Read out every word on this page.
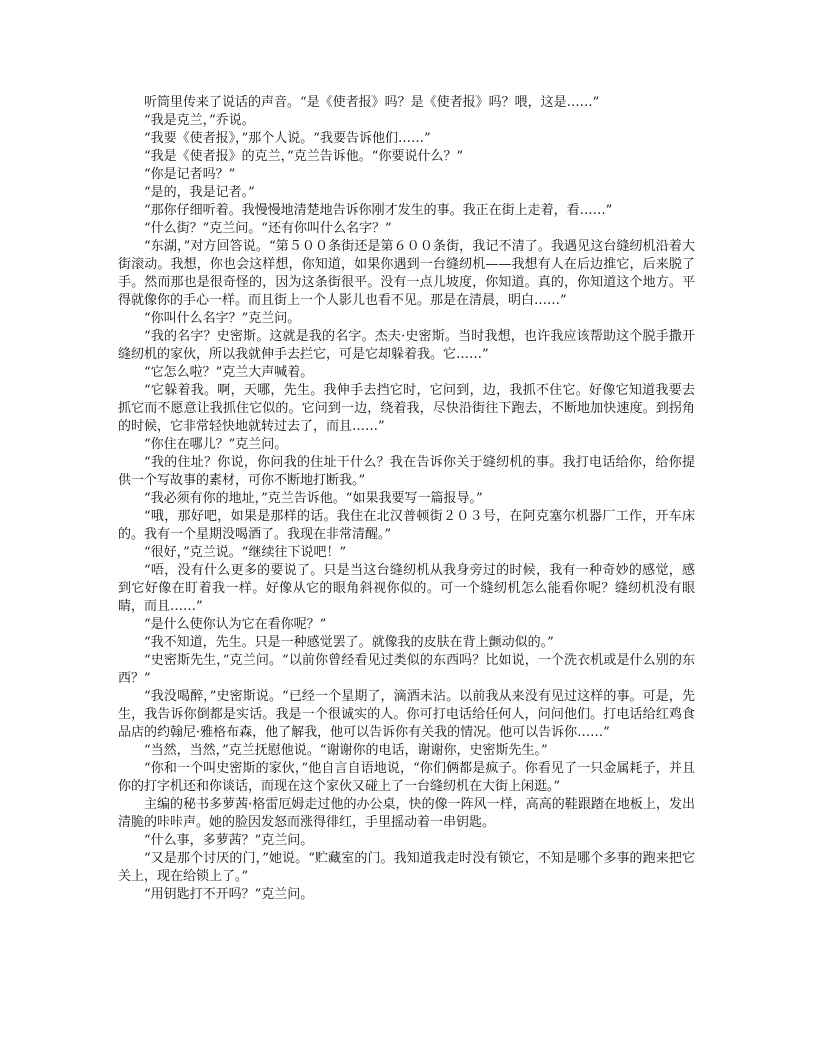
听筒里传来了说话的声音。“是《使者报》吗？是《使者报》吗？喂，这是……”

“我是克兰，”乔说。

“我要《使者报》，”那个人说。“我要告诉他们……”

“我是《使者报》的克兰，”克兰告诉他。“你要说什么？”

“你是记者吗？”

“是的，我是记者。”

“那你仔细听着。我慢慢地清楚地告诉你刚才发生的事。我正在街上走着，看……”

“什么街？”克兰问。“还有你叫什么名字？”

“东湖，”对方回答说。“第５００条街还是第６００条街，我记不清了。我遇见这台缝纫机沿着大街滚动。我想，你也会这样想，你知道，如果你遇到一台缝纫机——我想有人在后边推它，后来脱了手。然而那也是很奇怪的，因为这条街很平。没有一点儿坡度，你知道。真的，你知道这个地方。平得就像你的手心一样。而且街上一个人影儿也看不见。那是在清晨，明白……”

“你叫什么名字？”克兰问。

“我的名字？史密斯。这就是我的名字。杰夫·史密斯。当时我想，也许我应该帮助这个脱手撒开缝纫机的家伙，所以我就伸手去拦它，可是它却躲着我。它……”

“它怎么啦？”克兰大声喊着。

“它躲着我。啊，天哪，先生。我伸手去挡它时，它问到，边，我抓不住它。好像它知道我要去抓它而不愿意让我抓住它似的。它问到一边，绕着我，尽快沿街往下跑去，不断地加快速度。到拐角的时候，它非常轻快地就转过去了，而且……”

“你住在哪儿？”克兰问。

“我的住址？你说，你问我的住址干什么？我在告诉你关于缝纫机的事。我打电话给你，给你提供一个写故事的素材，可你不断地打断我。”

“我必须有你的地址，”克兰告诉他。“如果我要写一篇报导。”

“哦，那好吧，如果是那样的话。我住在北汉普顿街２０３号，在阿克塞尔机器厂工作，开车床的。我有一个星期没喝酒了。我现在非常清醒。”

“很好，”克兰说。“继续往下说吧！”

“唔，没有什么更多的要说了。只是当这台缝纫机从我身旁过的时候，我有一种奇妙的感觉，感到它好像在盯着我一样。好像从它的眼角斜视你似的。可一个缝纫机怎么能看你呢？缝纫机没有眼睛，而且……”

“是什么使你认为它在看你呢？”

“我不知道，先生。只是一种感觉罢了。就像我的皮肤在背上颤动似的。”

“史密斯先生，”克兰问。“以前你曾经看见过类似的东西吗？比如说，一个洗衣机或是什么别的东西？”

“我没喝醉，”史密斯说。“已经一个星期了，滴酒未沾。以前我从来没有见过这样的事。可是，先生，我告诉你倒都是实话。我是一个很诚实的人。你可打电话给任何人，问问他们。打电话给红鸡食品店的约翰尼·雅格布森，他了解我，他可以告诉你有关我的情况。他可以告诉你……”

“当然，当然，”克兰抚慰他说。“谢谢你的电话，谢谢你，史密斯先生。”

“你和一个叫史密斯的家伙，”他自言自语地说，“你们俩都是疯子。你看见了一只金属耗子，并且你的打字机还和你谈话，而现在这个家伙又碰上了一台缝纫机在大街上闲逛。”

主编的秘书多萝茜·格雷厄姆走过他的办公桌，快的像一阵风一样，高高的鞋跟踏在地板上，发出清脆的咔咔声。她的脸因发怒而涨得徘红，手里摇动着一串钥匙。

“什么事，多萝茜？”克兰问。

“又是那个讨厌的门，”她说。“贮藏室的门。我知道我走时没有锁它，不知是哪个多事的跑来把它关上，现在给锁上了。”

“用钥匙打不开吗？”克兰问。
